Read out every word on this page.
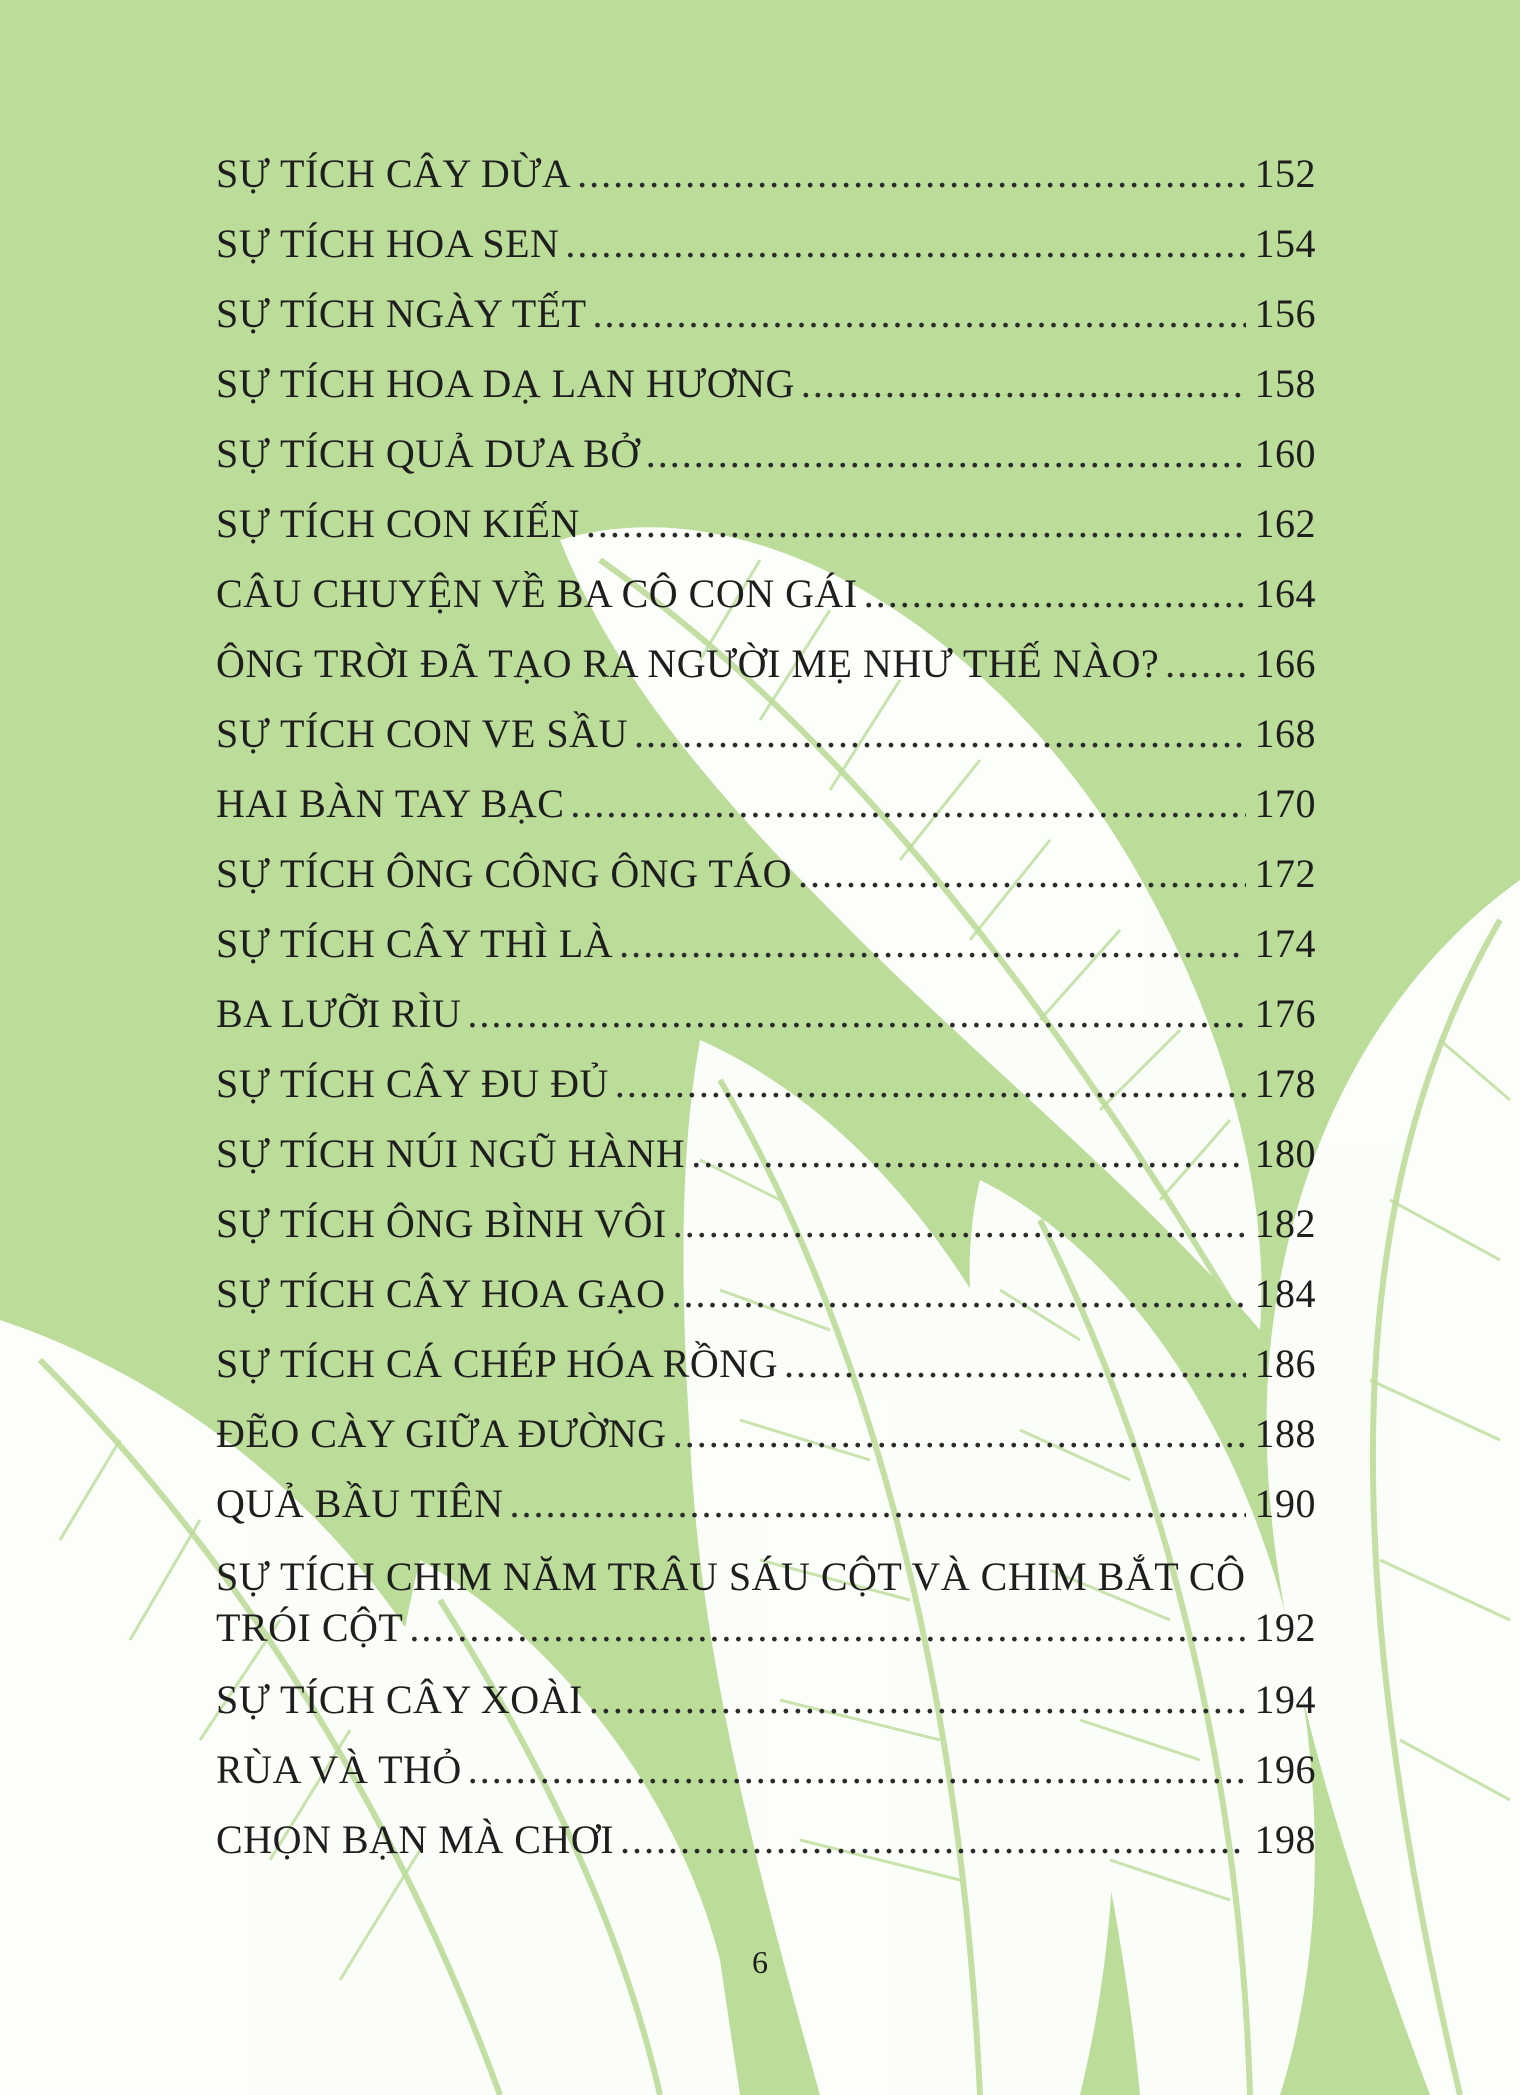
SỰ TÍCH CÂY DỪA .....	152
SỰ TÍCH HOA SEN .....	154
SỰ TÍCH NGÀY TẾT .....	156
SỰ TÍCH HOA DẠ LAN HƯƠNG .....	158
SỰ TÍCH QUẢ DƯA BỞ .....	160
SỰ TÍCH CON KIẾN .....	162
CÂU CHUYỆN VỀ BA CÔ CON GÁI .....	164
ÔNG TRỜI ĐÃ TẠO RA NGƯỜI MẸ NHƯ THẾ NÀO? ..... 166
SỰ TÍCH CON VE SẦU .....	168
HAI BÀN TAY BẠC .....	170
SỰ TÍCH ÔNG CÔNG ÔNG TÁO .....	172
SỰ TÍCH CÂY THÌ LÀ .....	174
BA LƯỠI RÌU .....	176
SỰ TÍCH CÂY ĐU ĐỦ .....	178
SỰ TÍCH NÚI NGŨ HÀNH .....	180
SỰ TÍCH ÔNG BÌNH VÔI .....	182
SỰ TÍCH CÂY HOA GẠO .....	184
SỰ TÍCH CÁ CHÉP HÓA RỒNG .....	186
ĐẼO CÀY GIỮA ĐƯỜNG .....	188
QUẢ BẦU TIÊN .....	190
SỰ TÍCH CHIM NĂM TRÂU SÁU CỘT VÀ CHIM BẮT CÔ
TRÓI CỘT .....	192
SỰ TÍCH CÂY XOÀI .....	194
RÙA VÀ THỎ .....	196
CHỌN BẠN MÀ CHƠI .....	198
6
